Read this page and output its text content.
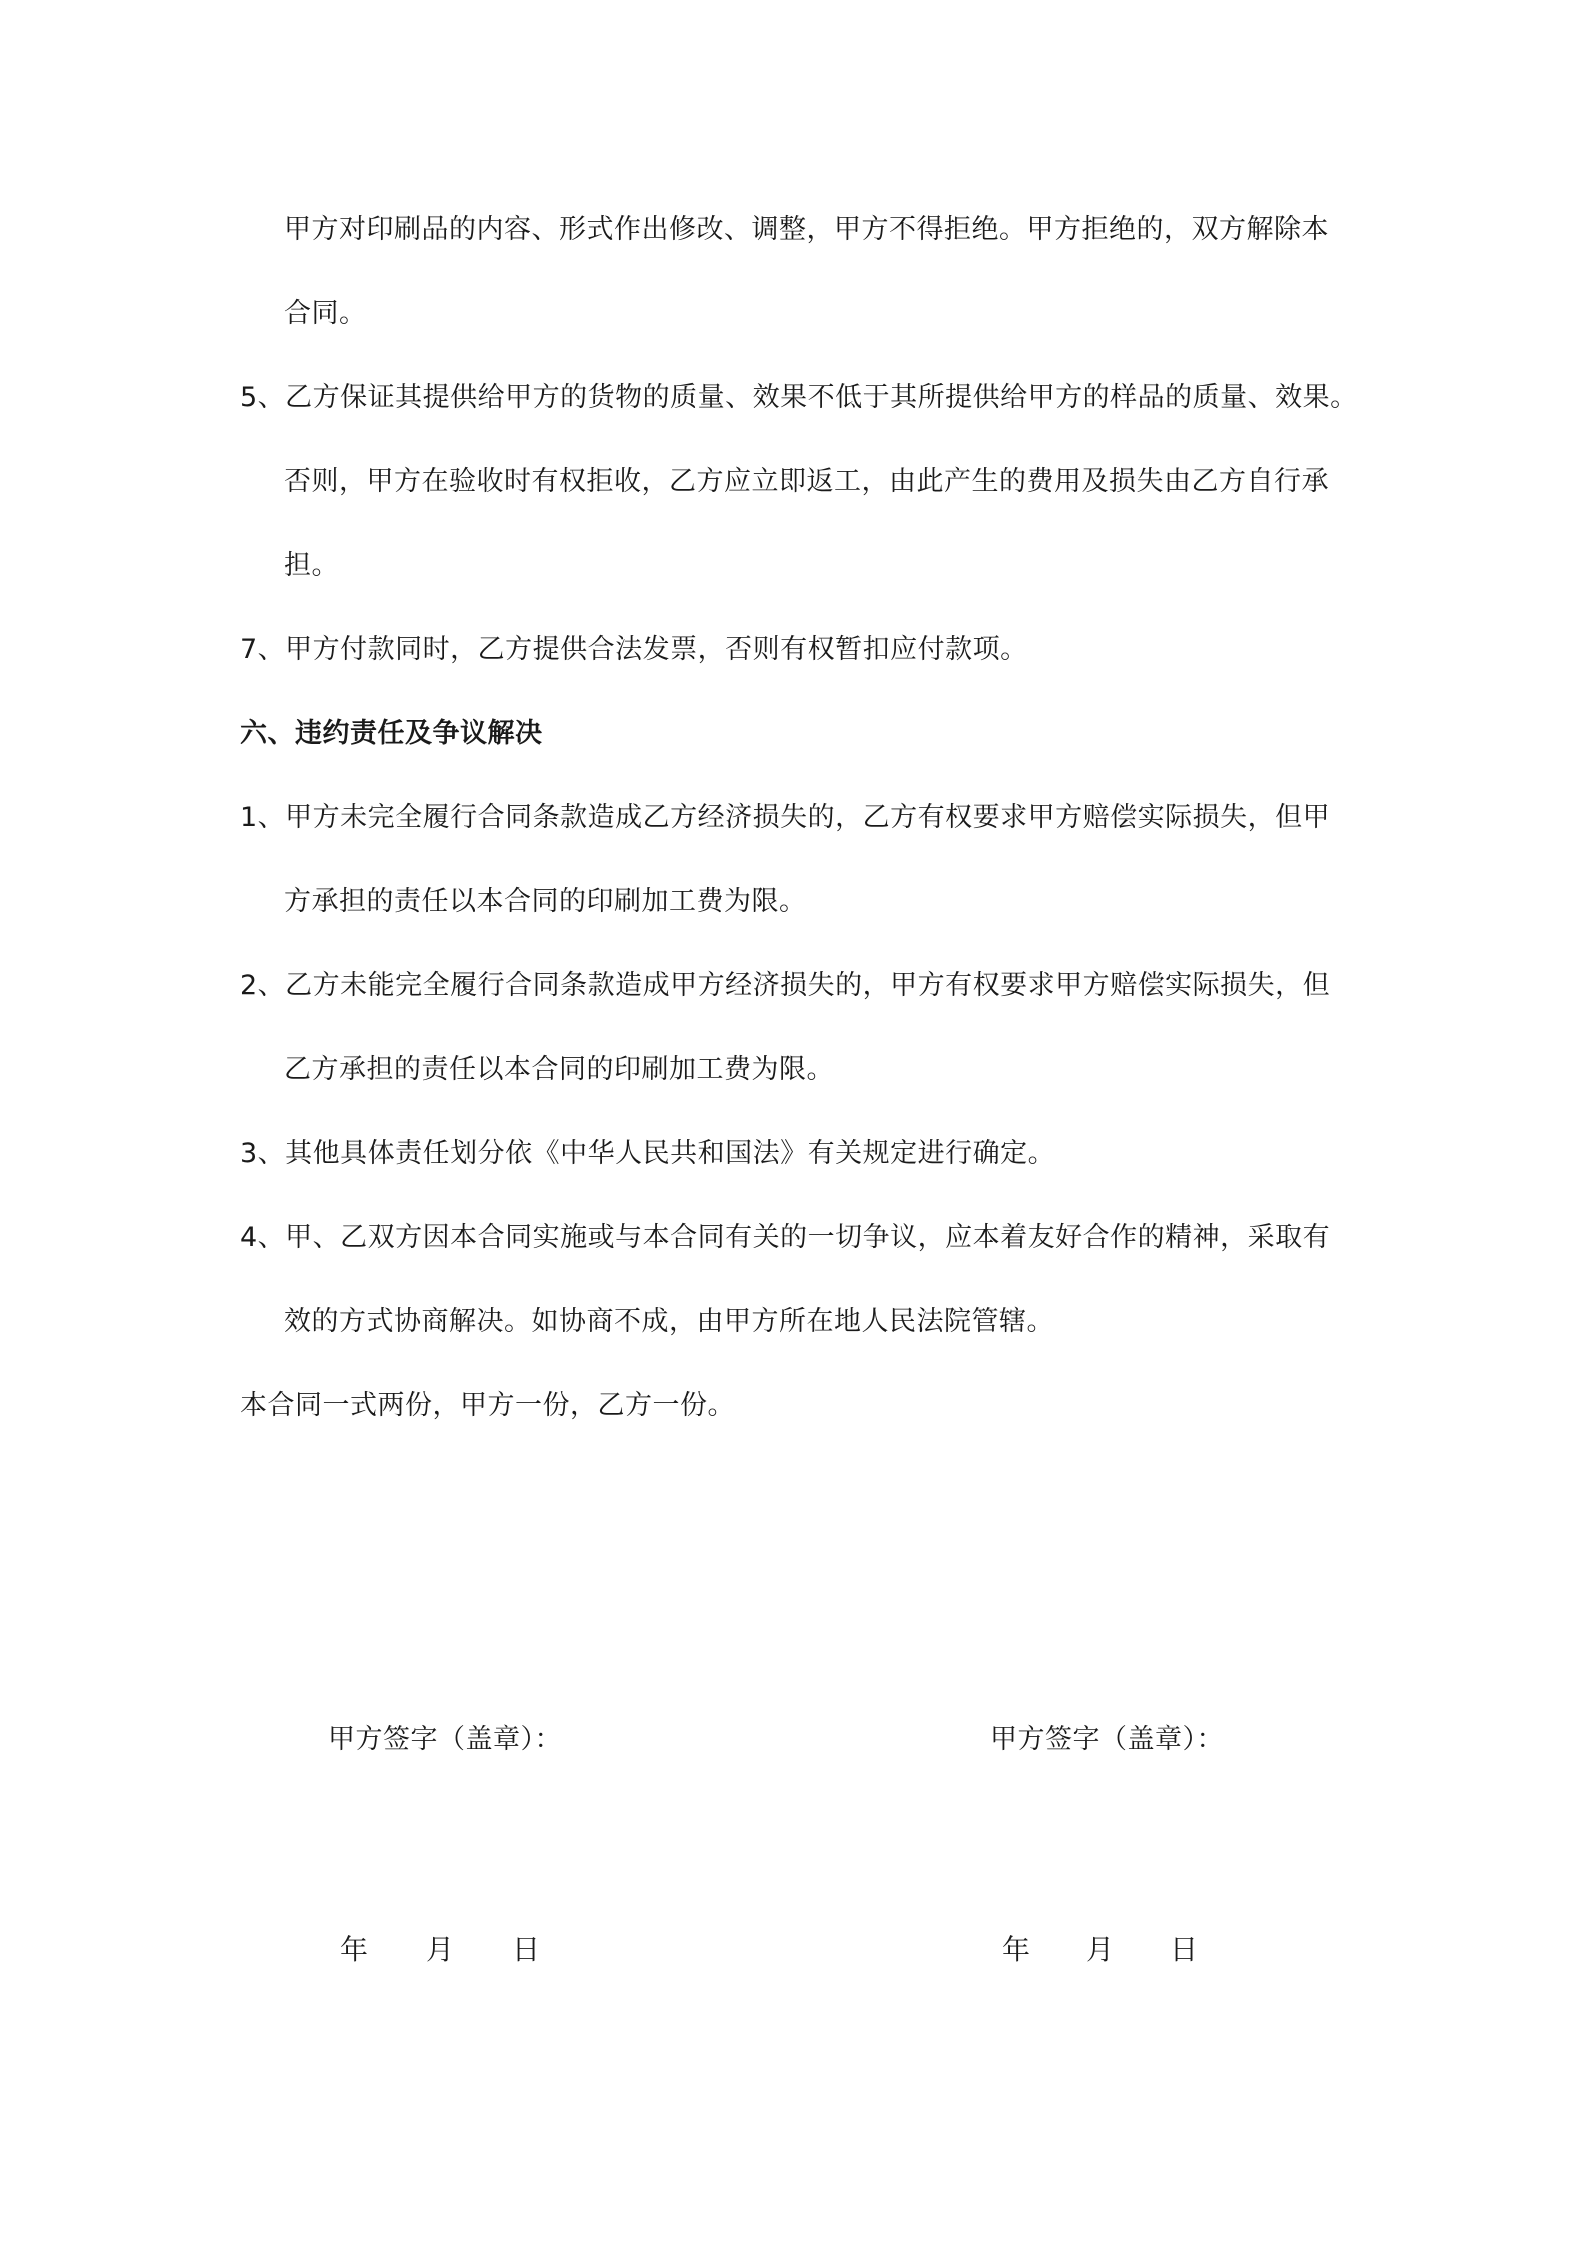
甲方对印刷品的内容、形式作出修改、调整，甲方不得拒绝。甲方拒绝的，双方解除本
合同。
5、乙方保证其提供给甲方的货物的质量、效果不低于其所提供给甲方的样品的质量、效果。
否则，甲方在验收时有权拒收，乙方应立即返工，由此产生的费用及损失由乙方自行承
担。
7、甲方付款同时，乙方提供合法发票，否则有权暂扣应付款项。
六、违约责任及争议解决
1、甲方未完全履行合同条款造成乙方经济损失的，乙方有权要求甲方赔偿实际损失，但甲
方承担的责任以本合同的印刷加工费为限。
2、乙方未能完全履行合同条款造成甲方经济损失的，甲方有权要求甲方赔偿实际损失，但
乙方承担的责任以本合同的印刷加工费为限。
3、其他具体责任划分依《中华人民共和国法》有关规定进行确定。
4、甲、乙双方因本合同实施或与本合同有关的一切争议，应本着友好合作的精神，采取有
效的方式协商解决。如协商不成，由甲方所在地人民法院管辖。
本合同一式两份，甲方一份，乙方一份。
甲方签字（盖章）：	甲方签字（盖章）：
年 月 日	年 月 日
